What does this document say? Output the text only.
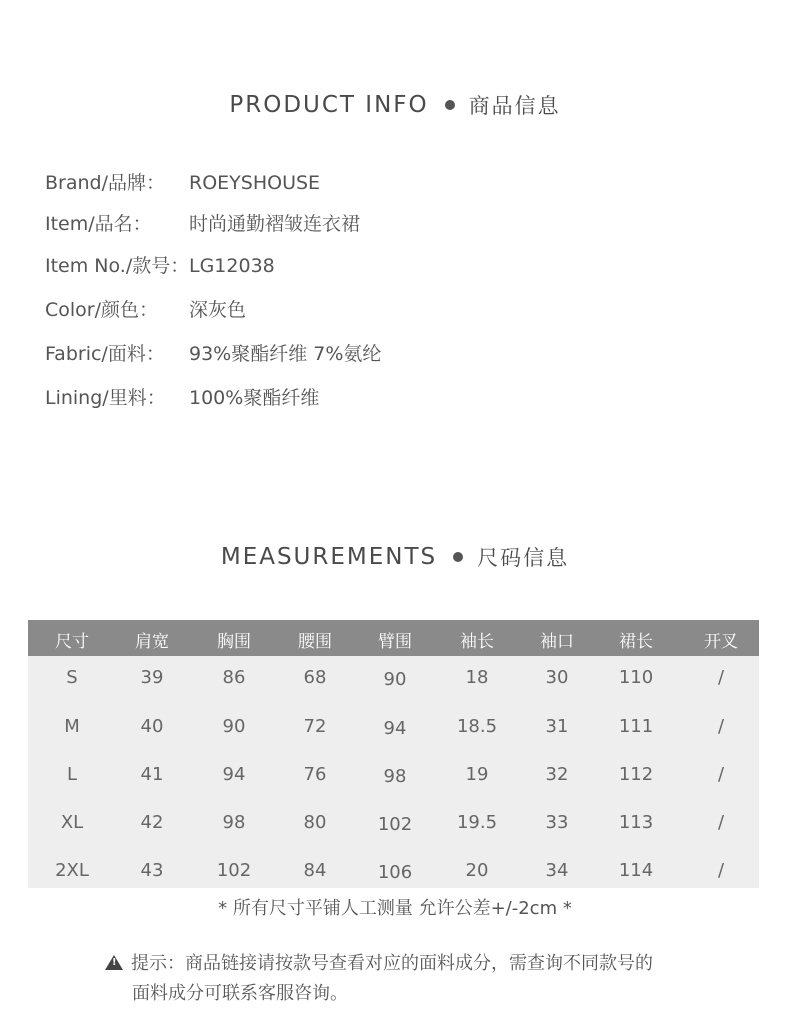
PRODUCT INFO 商品信息
Brand/品牌： ROEYSHOUSE
Item/品名： 时尚通勤褶皱连衣裙
Item No./款号：LG12038
Color/颜色： 深灰色
Fabric/面料： 93%聚酯纤维 7%氨纶
Lining/里料： 100%聚酯纤维
MEASUREMENTS 尺码信息
尺寸	肩宽	胸围	腰围	臂围	袖长	袖口	裙长	开叉
S	39	86	68	90	18	30	110	/
M	40	90	72	94	18.5	31	111	/
L	41	94	76	98	19	32	112	/
XL	42	98	80	102	19.5	33	113	/
2XL	43	102	84	106	20	34	114	/
* 所有尺寸平铺人工测量 允许公差+/-2cm *
!提示：商品链接请按款号查看对应的面料成分，需查询不同款号的
面料成分可联系客服咨询。
